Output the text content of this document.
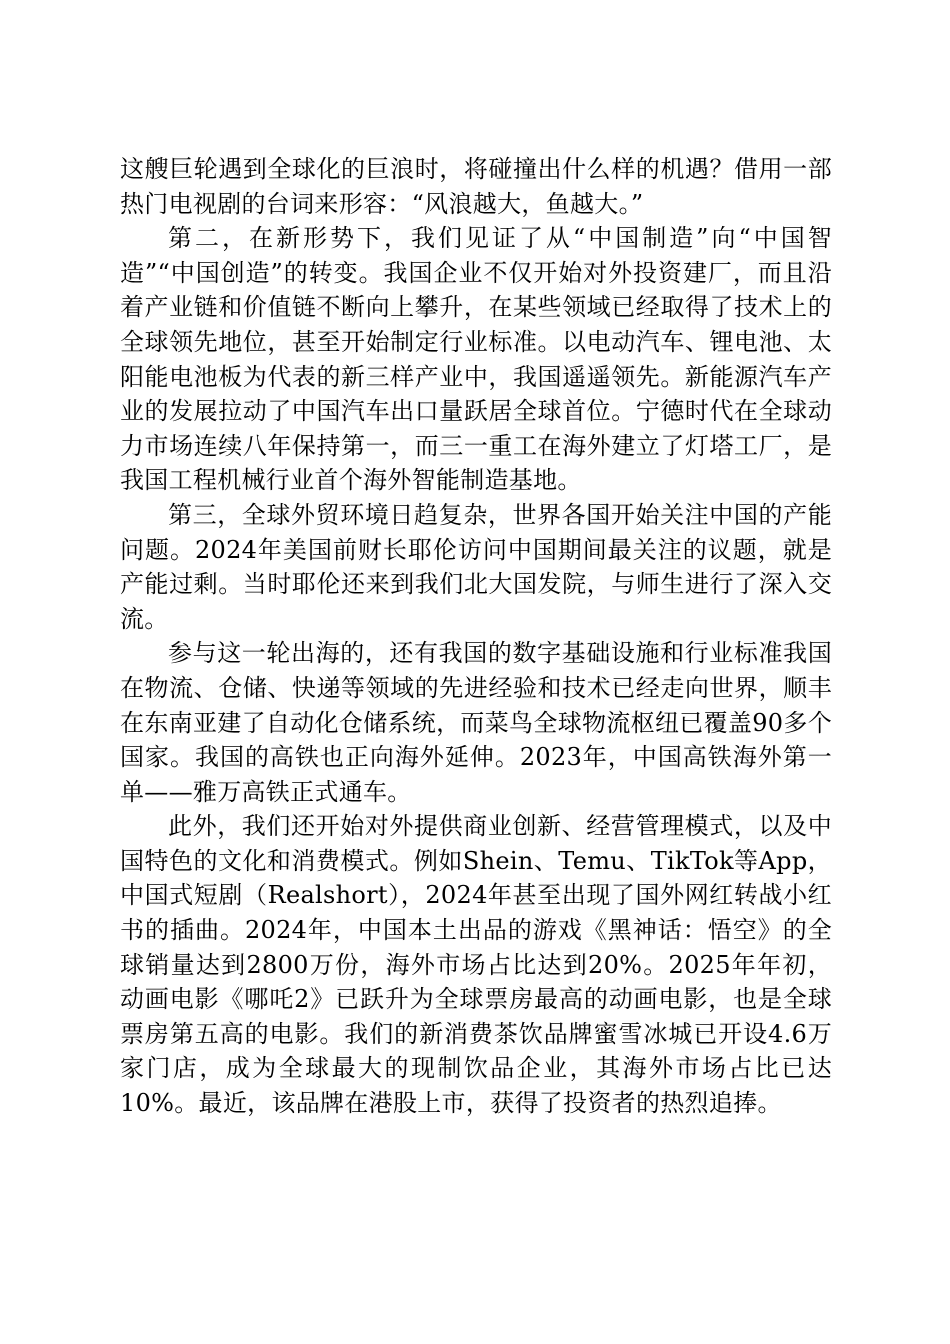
这艘巨轮遇到全球化的巨浪时，将碰撞出什么样的机遇？借用一部热门电视剧的台词来形容：“风浪越大，鱼越大。”

第二，在新形势下，我们见证了从“中国制造”向“中国智造”“中国创造”的转变。我国企业不仅开始对外投资建厂，而且沿着产业链和价值链不断向上攀升，在某些领域已经取得了技术上的全球领先地位，甚至开始制定行业标准。以电动汽车、锂电池、太阳能电池板为代表的新三样产业中，我国遥遥领先。新能源汽车产业的发展拉动了中国汽车出口量跃居全球首位。宁德时代在全球动力市场连续八年保持第一，而三一重工在海外建立了灯塔工厂，是我国工程机械行业首个海外智能制造基地。

第三，全球外贸环境日趋复杂，世界各国开始关注中国的产能问题。2024年美国前财长耶伦访问中国期间最关注的议题，就是产能过剩。当时耶伦还来到我们北大国发院，与师生进行了深入交流。

参与这一轮出海的，还有我国的数字基础设施和行业标准我国在物流、仓储、快递等领域的先进经验和技术已经走向世界，顺丰在东南亚建了自动化仓储系统，而菜鸟全球物流枢纽已覆盖90多个国家。我国的高铁也正向海外延伸。2023年，中国高铁海外第一单——雅万高铁正式通车。

此外，我们还开始对外提供商业创新、经营管理模式，以及中国特色的文化和消费模式。例如Shein、Temu、TikTok等App，中国式短剧（Realshort），2024年甚至出现了国外网红转战小红书的插曲。2024年，中国本土出品的游戏《黑神话：悟空》的全球销量达到2800万份，海外市场占比达到20%。2025年年初，动画电影《哪吒2》已跃升为全球票房最高的动画电影，也是全球票房第五高的电影。我们的新消费茶饮品牌蜜雪冰城已开设4.6万家门店，成为全球最大的现制饮品企业，其海外市场占比已达10%。最近，该品牌在港股上市，获得了投资者的热烈追捧。
